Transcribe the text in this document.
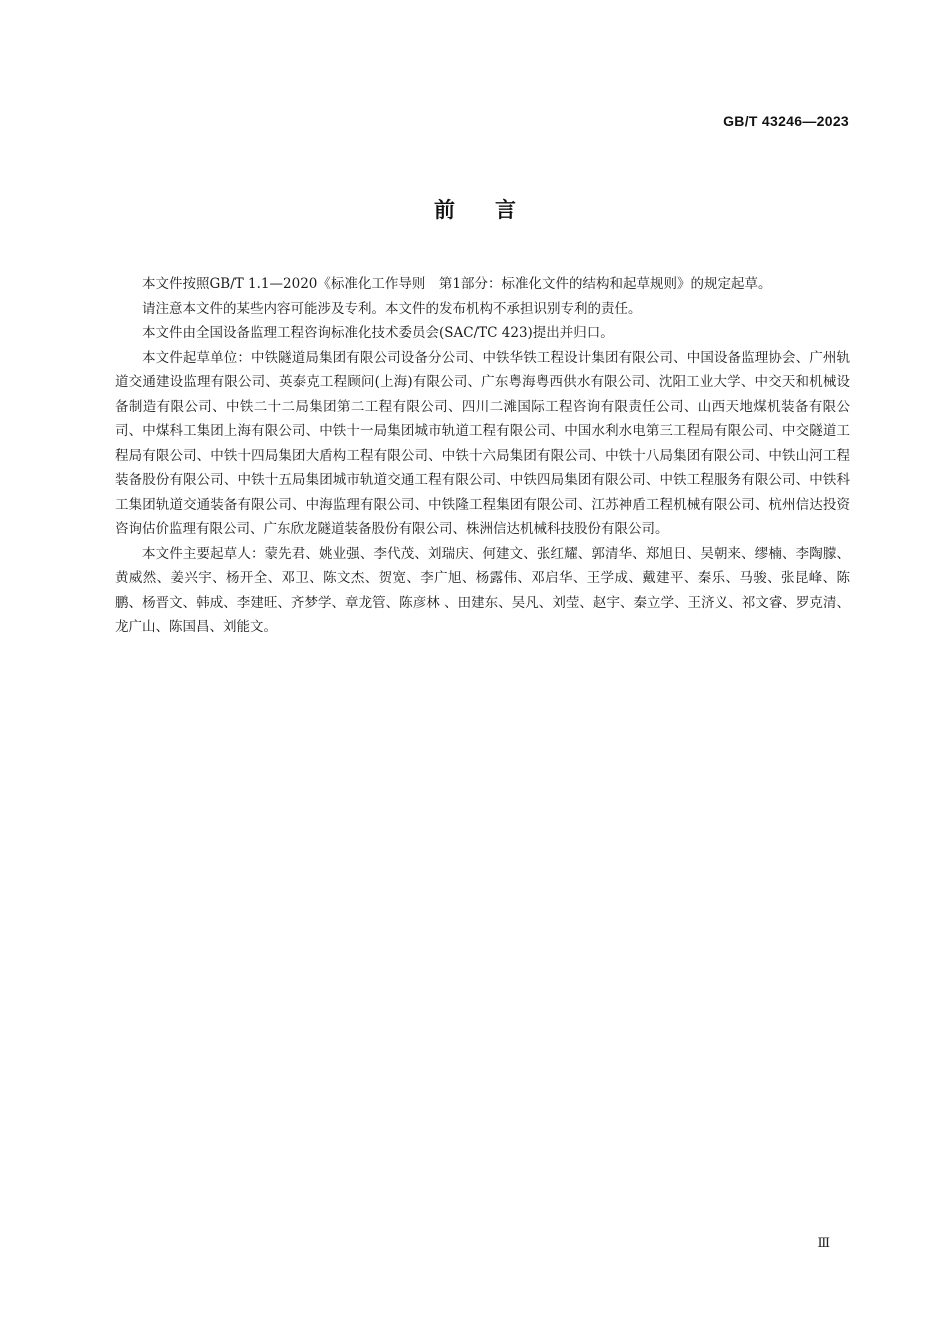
GB/T 43246—2023
前言

本文件按照GB/T 1.1—2020《标准化工作导则　第1部分：标准化文件的结构和起草规则》的规定起草。

请注意本文件的某些内容可能涉及专利。本文件的发布机构不承担识别专利的责任。

本文件由全国设备监理工程咨询标准化技术委员会(SAC/TC 423)提出并归口。

本文件起草单位：中铁隧道局集团有限公司设备分公司、中铁华铁工程设计集团有限公司、中国设备监理协会、广州轨道交通建设监理有限公司、英泰克工程顾问(上海)有限公司、广东粤海粤西供水有限公司、沈阳工业大学、中交天和机械设备制造有限公司、中铁二十二局集团第二工程有限公司、四川二滩国际工程咨询有限责任公司、山西天地煤机装备有限公司、中煤科工集团上海有限公司、中铁十一局集团城市轨道工程有限公司、中国水利水电第三工程局有限公司、中交隧道工程局有限公司、中铁十四局集团大盾构工程有限公司、中铁十六局集团有限公司、中铁十八局集团有限公司、中铁山河工程装备股份有限公司、中铁十五局集团城市轨道交通工程有限公司、中铁四局集团有限公司、中铁工程服务有限公司、中铁科工集团轨道交通装备有限公司、中海监理有限公司、中铁隆工程集团有限公司、江苏神盾工程机械有限公司、杭州信达投资咨询估价监理有限公司、广东欣龙隧道装备股份有限公司、株洲信达机械科技股份有限公司。

本文件主要起草人：蒙先君、姚业强、李代茂、刘瑞庆、何建文、张红耀、郭清华、郑旭日、吴朝来、缪楠、李陶朦、黄威然、姜兴宇、杨开全、邓卫、陈文杰、贺宽、李广旭、杨露伟、邓启华、王学成、戴建平、秦乐、马骏、张昆峰、陈鹏、杨晋文、韩成、李建旺、齐梦学、章龙管、陈彦林 、田建东、吴凡、刘莹、赵宇、秦立学、王济义、祁文睿、罗克清、龙广山、陈国昌、刘能文。

Ⅲ
